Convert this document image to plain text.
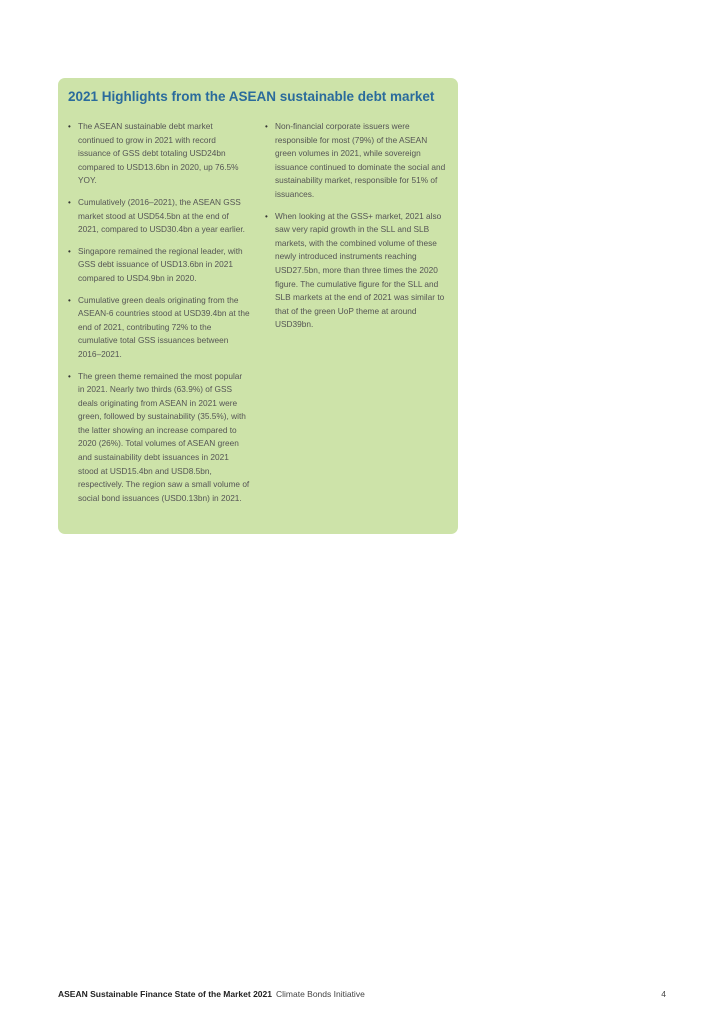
2021 Highlights from the ASEAN sustainable debt market
• The ASEAN sustainable debt market continued to grow in 2021 with record issuance of GSS debt totaling USD24bn compared to USD13.6bn in 2020, up 76.5% YOY.
• Cumulatively (2016–2021), the ASEAN GSS market stood at USD54.5bn at the end of 2021, compared to USD30.4bn a year earlier.
• Singapore remained the regional leader, with GSS debt issuance of USD13.6bn in 2021 compared to USD4.9bn in 2020.
• Cumulative green deals originating from the ASEAN-6 countries stood at USD39.4bn at the end of 2021, contributing 72% to the cumulative total GSS issuances between 2016–2021.
• The green theme remained the most popular in 2021. Nearly two thirds (63.9%) of GSS deals originating from ASEAN in 2021 were green, followed by sustainability (35.5%), with the latter showing an increase compared to 2020 (26%). Total volumes of ASEAN green and sustainability debt issuances in 2021 stood at USD15.4bn and USD8.5bn, respectively. The region saw a small volume of social bond issuances (USD0.13bn) in 2021.
• Non-financial corporate issuers were responsible for most (79%) of the ASEAN green volumes in 2021, while sovereign issuance continued to dominate the social and sustainability market, responsible for 51% of issuances.
• When looking at the GSS+ market, 2021 also saw very rapid growth in the SLL and SLB markets, with the combined volume of these newly introduced instruments reaching USD27.5bn, more than three times the 2020 figure. The cumulative figure for the SLL and SLB markets at the end of 2021 was similar to that of the green UoP theme at around USD39bn.
ASEAN Sustainable Finance State of the Market 2021 Climate Bonds Initiative	4
